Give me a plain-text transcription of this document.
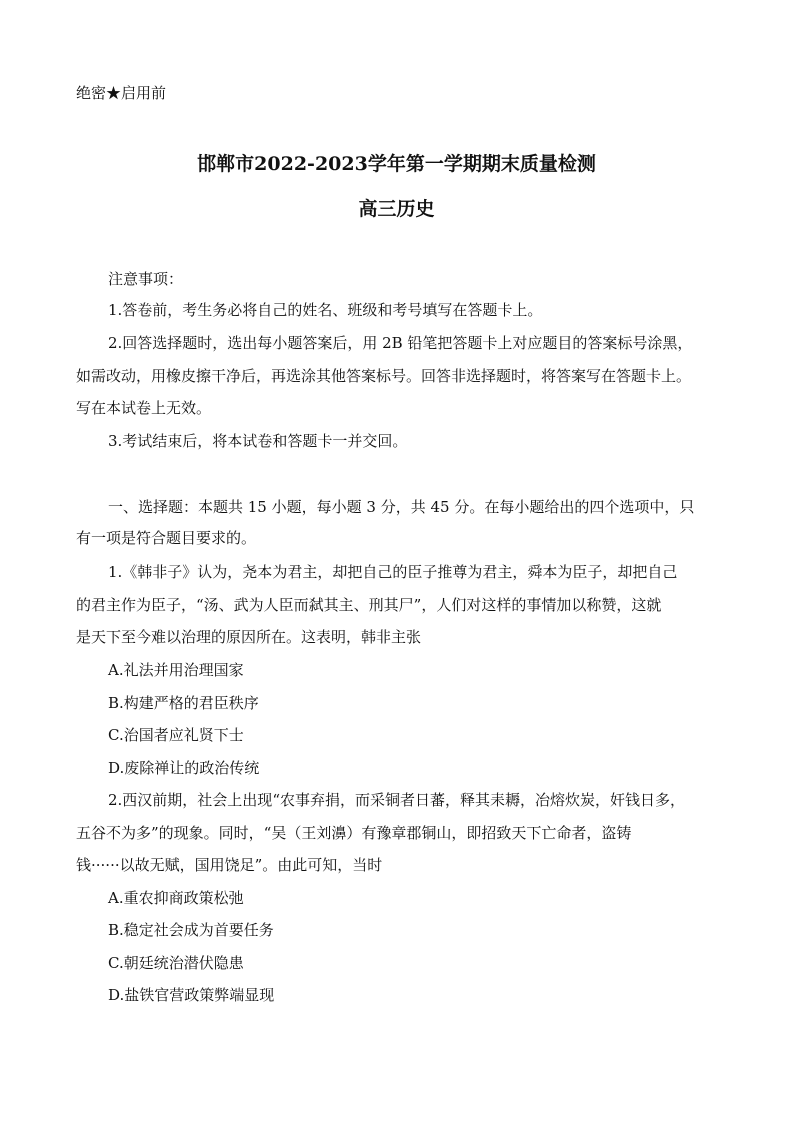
绝密★启用前
邯郸市2022-2023学年第一学期期末质量检测
高三历史
注意事项：
1.答卷前，考生务必将自己的姓名、班级和考号填写在答题卡上。
2.回答选择题时，选出每小题答案后，用 2B 铅笔把答题卡上对应题目的答案标号涂黑，
如需改动，用橡皮擦干净后，再选涂其他答案标号。回答非选择题时，将答案写在答题卡上。
写在本试卷上无效。
3.考试结束后，将本试卷和答题卡一并交回。
一、选择题：本题共 15 小题，每小题 3 分，共 45 分。在每小题给出的四个选项中，只
有一项是符合题目要求的。
1.《韩非子》认为，尧本为君主，却把自己的臣子推尊为君主，舜本为臣子，却把自己
的君主作为臣子，“汤、武为人臣而弑其主、刑其尸”，人们对这样的事情加以称赞，这就
是天下至今难以治理的原因所在。这表明，韩非主张
A.礼法并用治理国家
B.构建严格的君臣秩序
C.治国者应礼贤下士
D.废除禅让的政治传统
2.西汉前期，社会上出现“农事弃捐，而采铜者日蕃，释其耒耨，冶熔炊炭，奸钱日多，
五谷不为多”的现象。同时，“吴（王刘濞）有豫章郡铜山，即招致天下亡命者，盗铸
钱······以故无赋，国用饶足”。由此可知，当时
A.重农抑商政策松弛
B.稳定社会成为首要任务
C.朝廷统治潜伏隐患
D.盐铁官营政策弊端显现
